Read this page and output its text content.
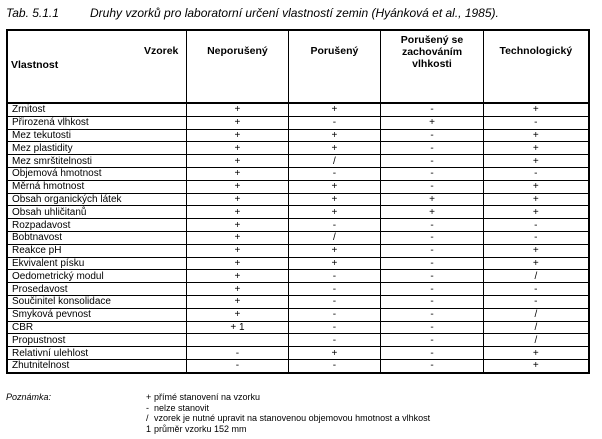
Tab. 5.1.1	Druhy vzorků pro laboratorní určení vlastností zemin (Hyánková et al., 1985).
Vzorek
Vlastnost	Neporušený	Porušený	Porušený se zachováním vlhkosti	Technologický
Zrnitost	+	+	-	+
Přirozená vlhkost	+	-	+	-
Mez tekutosti	+	+	-	+
Mez plastidity	+	+	-	+
Mez smrštitelnosti	+	/	-	+
Objemová hmotnost	+	-	-	-
Měrná hmotnost	+	+	-	+
Obsah organických látek	+	+	+	+
Obsah uhličitanů	+	+	+	+
Rozpadavost	+	-	-	-
Bobtnavost	+	/	-	-
Reakce pH	+	+	-	+
Ekvivalent písku	+	+	-	+
Oedometrický modul	+	-	-	/
Prosedavost	+	-	-	-
Součinitel konsolidace	+	-	-	-
Smyková pevnost	+	-	-	/
CBR	+ 1	-	-	/
Propustnost		-	-	/
Relativní ulehlost	-	+	-	+
Zhutnitelnost	-	-	-	+
Poznámka:	+ přímé stanovení na vzorku
- nelze stanovit
/ vzorek je nutné upravit na stanovenou objemovou hmotnost a vlhkost
1 průměr vzorku 152 mm
